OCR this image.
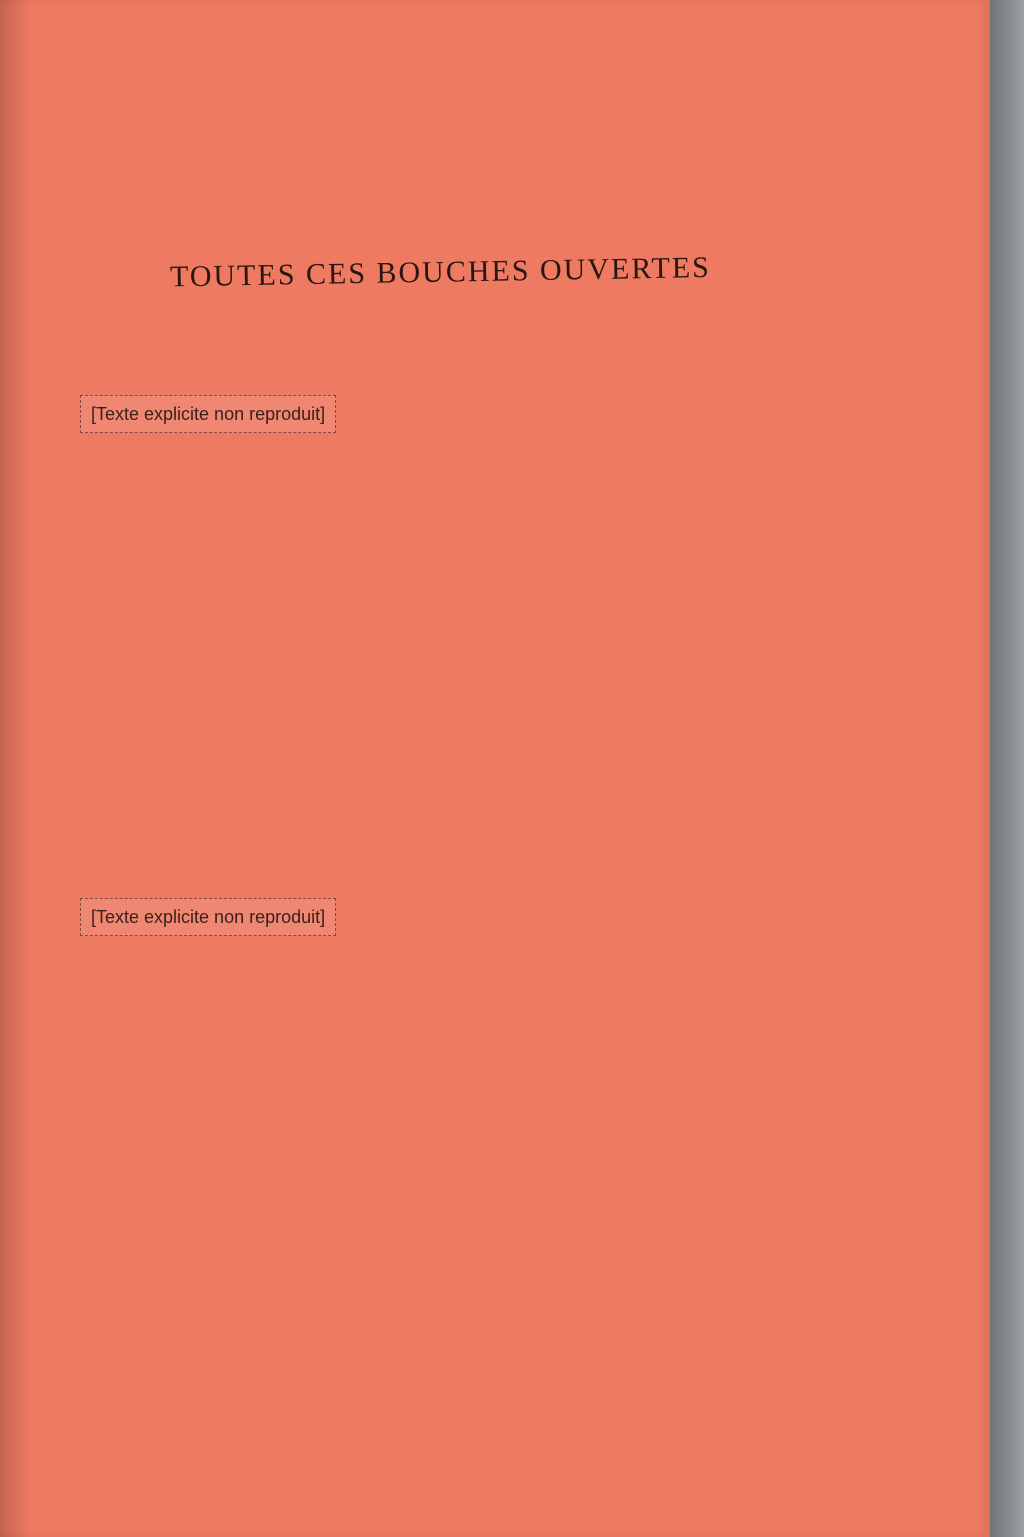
TOUTES CES BOUCHES OUVERTES
[Texte explicite non reproduit]
[Texte explicite non reproduit]
